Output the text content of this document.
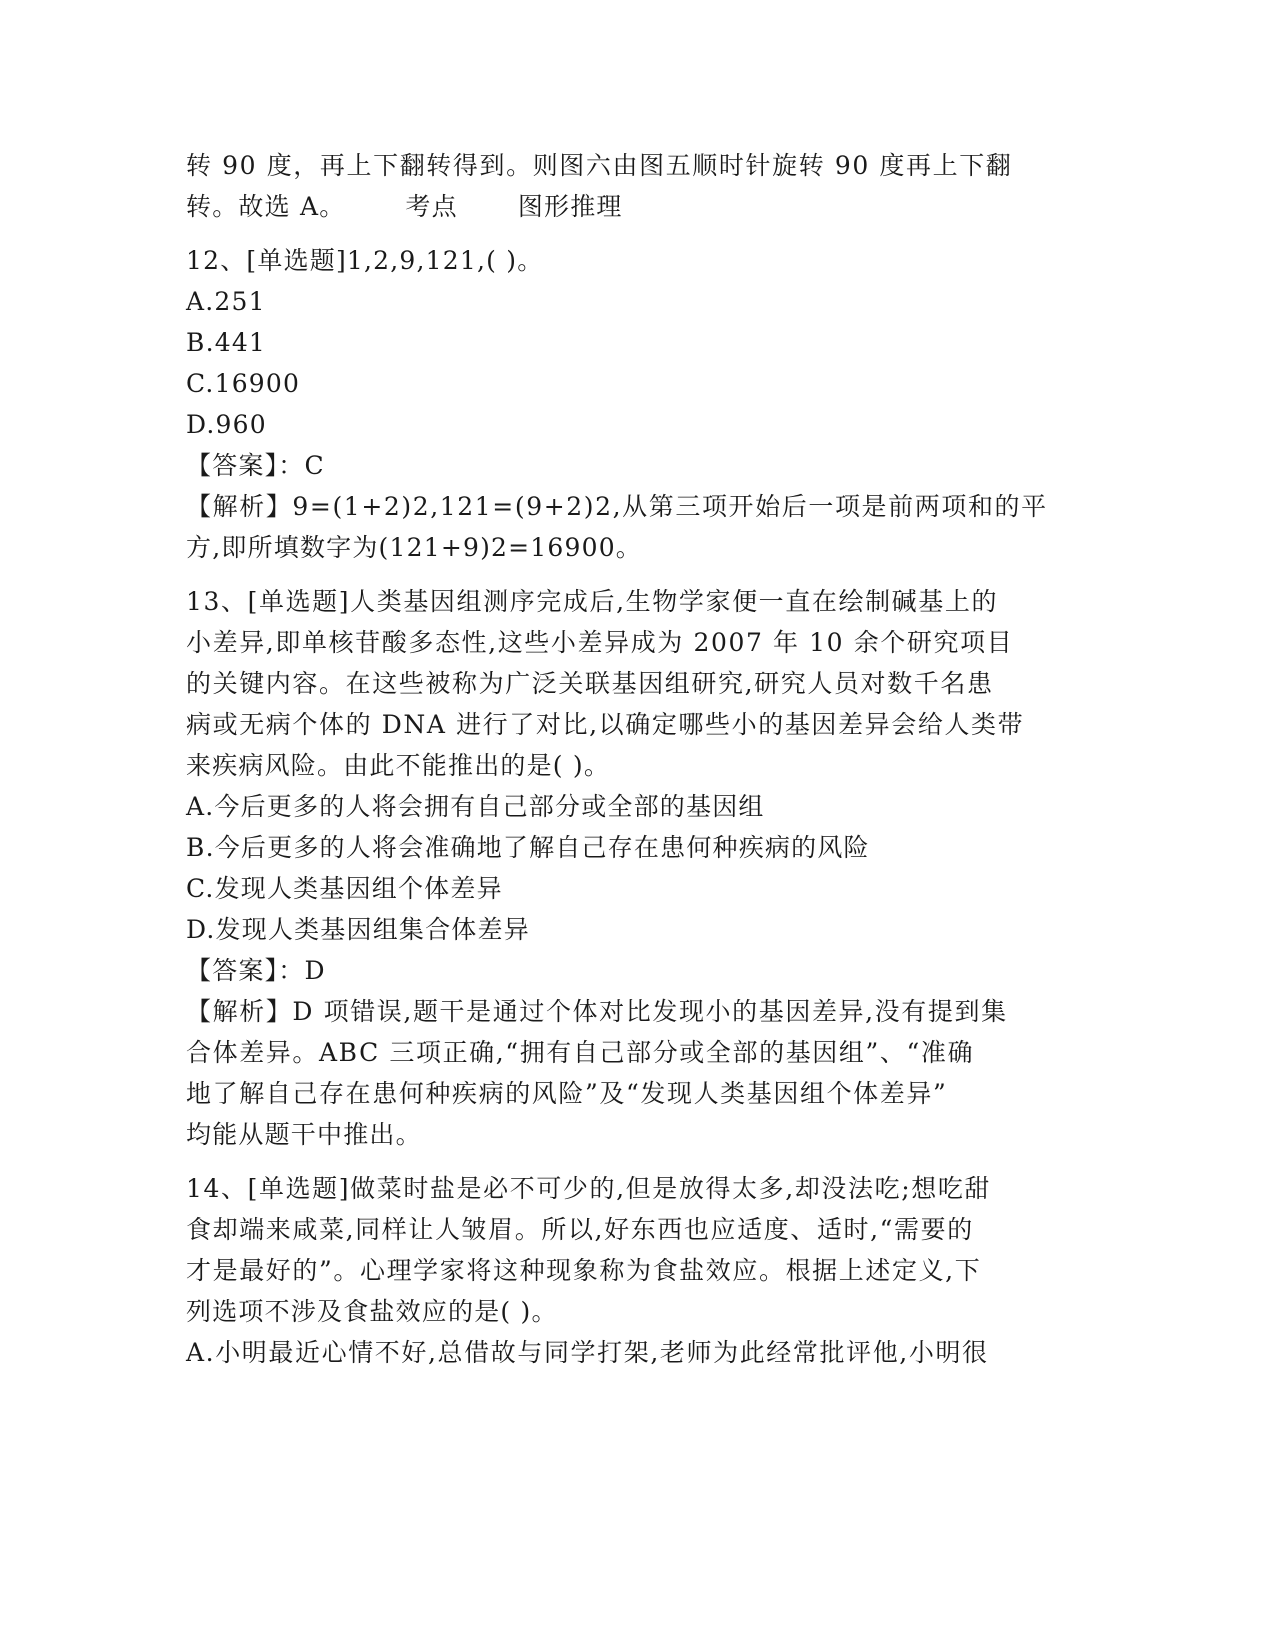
转 90 度，再上下翻转得到。则图六由图五顺时针旋转 90 度再上下翻
转。故选 A。 考点 图形推理
12、[单选题]1,2,9,121,( )。
A.251
B.441
C.16900
D.960
【答案】：C
【解析】9=(1+2)2,121=(9+2)2,从第三项开始后一项是前两项和的平
方,即所填数字为(121+9)2=16900。
13、[单选题]人类基因组测序完成后,生物学家便一直在绘制碱基上的
小差异,即单核苷酸多态性,这些小差异成为 2007 年 10 余个研究项目
的关键内容。在这些被称为广泛关联基因组研究,研究人员对数千名患
病或无病个体的 DNA 进行了对比,以确定哪些小的基因差异会给人类带
来疾病风险。由此不能推出的是( )。
A.今后更多的人将会拥有自己部分或全部的基因组
B.今后更多的人将会准确地了解自己存在患何种疾病的风险
C.发现人类基因组个体差异
D.发现人类基因组集合体差异
【答案】：D
【解析】D 项错误,题干是通过个体对比发现小的基因差异,没有提到集
合体差异。ABC 三项正确,“拥有自己部分或全部的基因组”、“准确
地了解自己存在患何种疾病的风险”及“发现人类基因组个体差异”
均能从题干中推出。
14、[单选题]做菜时盐是必不可少的,但是放得太多,却没法吃;想吃甜
食却端来咸菜,同样让人皱眉。所以,好东西也应适度、适时,“需要的
才是最好的”。心理学家将这种现象称为食盐效应。根据上述定义,下
列选项不涉及食盐效应的是( )。
A.小明最近心情不好,总借故与同学打架,老师为此经常批评他,小明很
